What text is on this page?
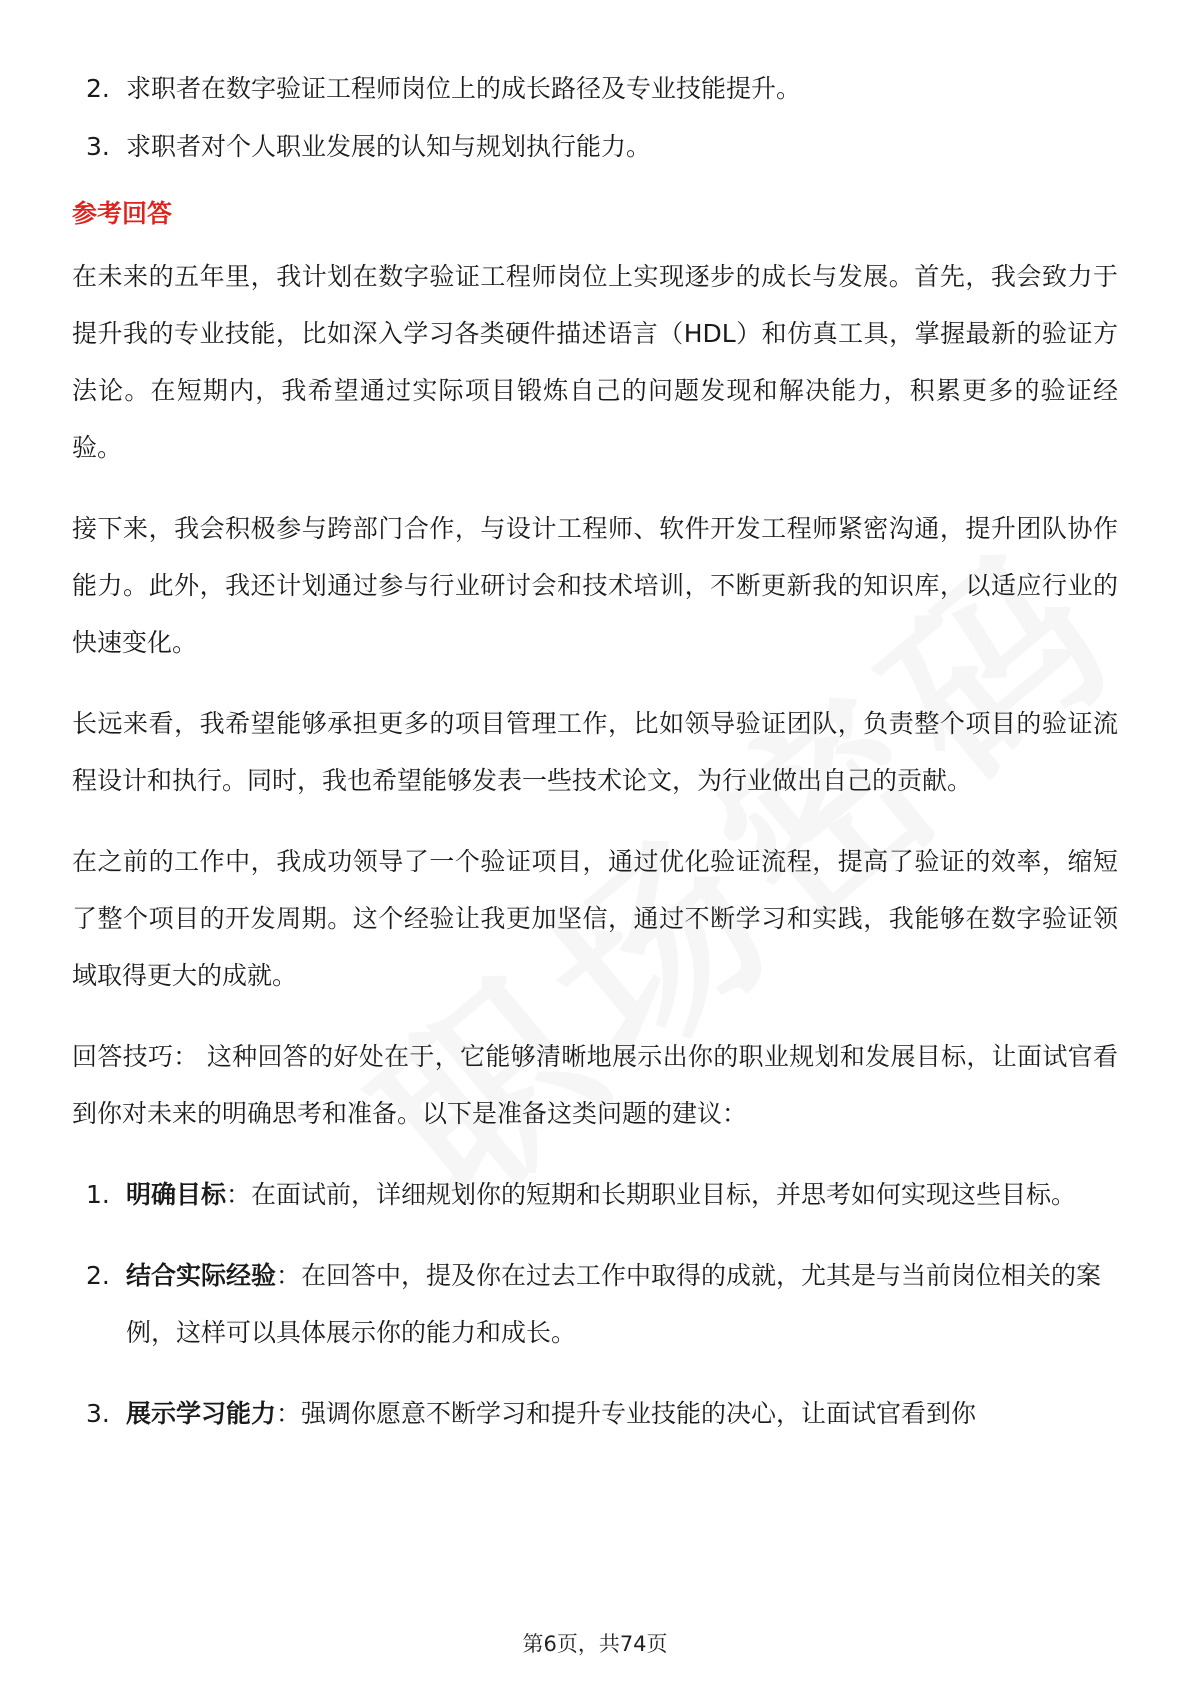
2. 求职者在数字验证工程师岗位上的成长路径及专业技能提升。
3. 求职者对个人职业发展的认知与规划执行能力。
参考回答

在未来的五年里，我计划在数字验证工程师岗位上实现逐步的成长与发展。首先，我会致力于提升我的专业技能，比如深入学习各类硬件描述语言（HDL）和仿真工具，掌握最新的验证方法论。在短期内，我希望通过实际项目锻炼自己的问题发现和解决能力，积累更多的验证经验。

接下来，我会积极参与跨部门合作，与设计工程师、软件开发工程师紧密沟通，提升团队协作能力。此外，我还计划通过参与行业研讨会和技术培训，不断更新我的知识库，以适应行业的快速变化。

长远来看，我希望能够承担更多的项目管理工作，比如领导验证团队，负责整个项目的验证流程设计和执行。同时，我也希望能够发表一些技术论文，为行业做出自己的贡献。

在之前的工作中，我成功领导了一个验证项目，通过优化验证流程，提高了验证的效率，缩短了整个项目的开发周期。这个经验让我更加坚信，通过不断学习和实践，我能够在数字验证领域取得更大的成就。

回答技巧： 这种回答的好处在于，它能够清晰地展示出你的职业规划和发展目标，让面试官看到你对未来的明确思考和准备。以下是准备这类问题的建议：

1. 明确目标：在面试前，详细规划你的短期和长期职业目标，并思考如何实现这些目标。
2. 结合实际经验：在回答中，提及你在过去工作中取得的成就，尤其是与当前岗位相关的案例，这样可以具体展示你的能力和成长。
3. 展示学习能力：强调你愿意不断学习和提升专业技能的决心，让面试官看到你
第6页，共74页
